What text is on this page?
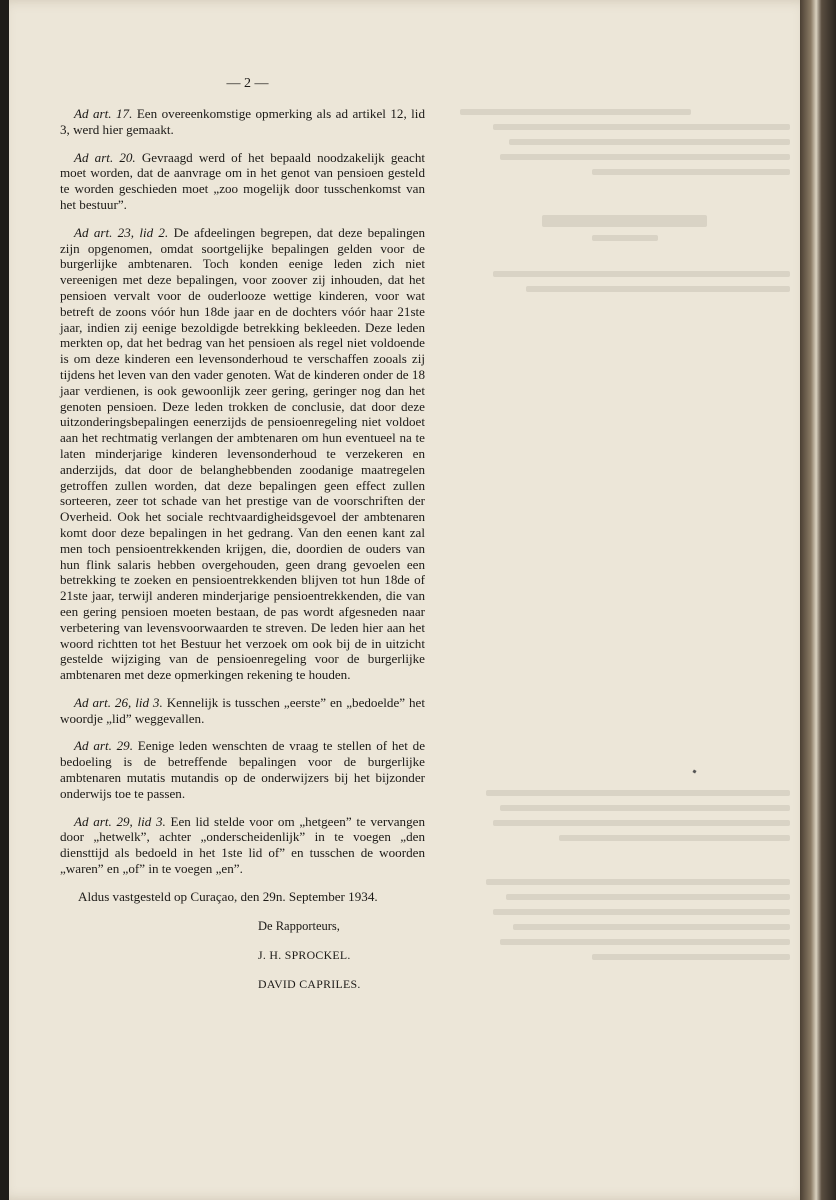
— 2 —

Ad art. 17. Een overeenkomstige opmerking als ad artikel 12, lid 3, werd hier gemaakt.

Ad art. 20. Gevraagd werd of het bepaald noodzakelijk geacht moet worden, dat de aanvrage om in het genot van pensioen gesteld te worden geschieden moet „zoo mogelijk door tusschenkomst van het bestuur”.

Ad art. 23, lid 2. De afdeelingen begrepen, dat deze bepalingen zijn opgenomen, omdat soortgelijke bepalingen gelden voor de burgerlijke ambtenaren. Toch konden eenige leden zich niet vereenigen met deze bepalingen, voor zoover zij inhouden, dat het pensioen vervalt voor de ouderlooze wettige kinderen, voor wat betreft de zoons vóór hun 18de jaar en de dochters vóór haar 21ste jaar, indien zij eenige bezoldigde betrekking bekleeden. Deze leden merkten op, dat het bedrag van het pensioen als regel niet voldoende is om deze kinderen een levensonderhoud te verschaffen zooals zij tijdens het leven van den vader genoten. Wat de kinderen onder de 18 jaar verdienen, is ook gewoonlijk zeer gering, geringer nog dan het genoten pensioen. Deze leden trokken de conclusie, dat door deze uitzonderingsbepalingen eenerzijds de pensioenregeling niet voldoet aan het rechtmatig verlangen der ambtenaren om hun eventueel na te laten minderjarige kinderen levensonderhoud te verzekeren en anderzijds, dat door de belanghebbenden zoodanige maatregelen getroffen zullen worden, dat deze bepalingen geen effect zullen sorteeren, zeer tot schade van het prestige van de voorschriften der Overheid. Ook het sociale rechtvaardigheidsgevoel der ambtenaren komt door deze bepalingen in het gedrang. Van den eenen kant zal men toch pensioentrekkenden krijgen, die, doordien de ouders van hun flink salaris hebben overgehouden, geen drang gevoelen een betrekking te zoeken en pensioentrekkenden blijven tot hun 18de of 21ste jaar, terwijl anderen minderjarige pensioentrekkenden, die van een gering pensioen moeten bestaan, de pas wordt afgesneden naar verbetering van levensvoorwaarden te streven. De leden hier aan het woord richtten tot het Bestuur het verzoek om ook bij de in uitzicht gestelde wijziging van de pensioenregeling voor de burgerlijke ambtenaren met deze opmerkingen rekening te houden.

Ad art. 26, lid 3. Kennelijk is tusschen „eerste” en „bedoelde” het woordje „lid” weggevallen.

Ad art. 29. Eenige leden wenschten de vraag te stellen of het de bedoeling is de betreffende bepalingen voor de burgerlijke ambtenaren mutatis mutandis op de onderwijzers bij het bijzonder onderwijs toe te passen.

Ad art. 29, lid 3. Een lid stelde voor om „hetgeen” te vervangen door „hetwelk”, achter „onderscheidenlijk” in te voegen „den diensttijd als bedoeld in het 1ste lid of” en tusschen de woorden „waren” en „of” in te voegen „en”.

Aldus vastgesteld op Curaçao, den 29n. September 1934.

De Rapporteurs,
J. H. SPROCKEL.
DAVID CAPRILES.
